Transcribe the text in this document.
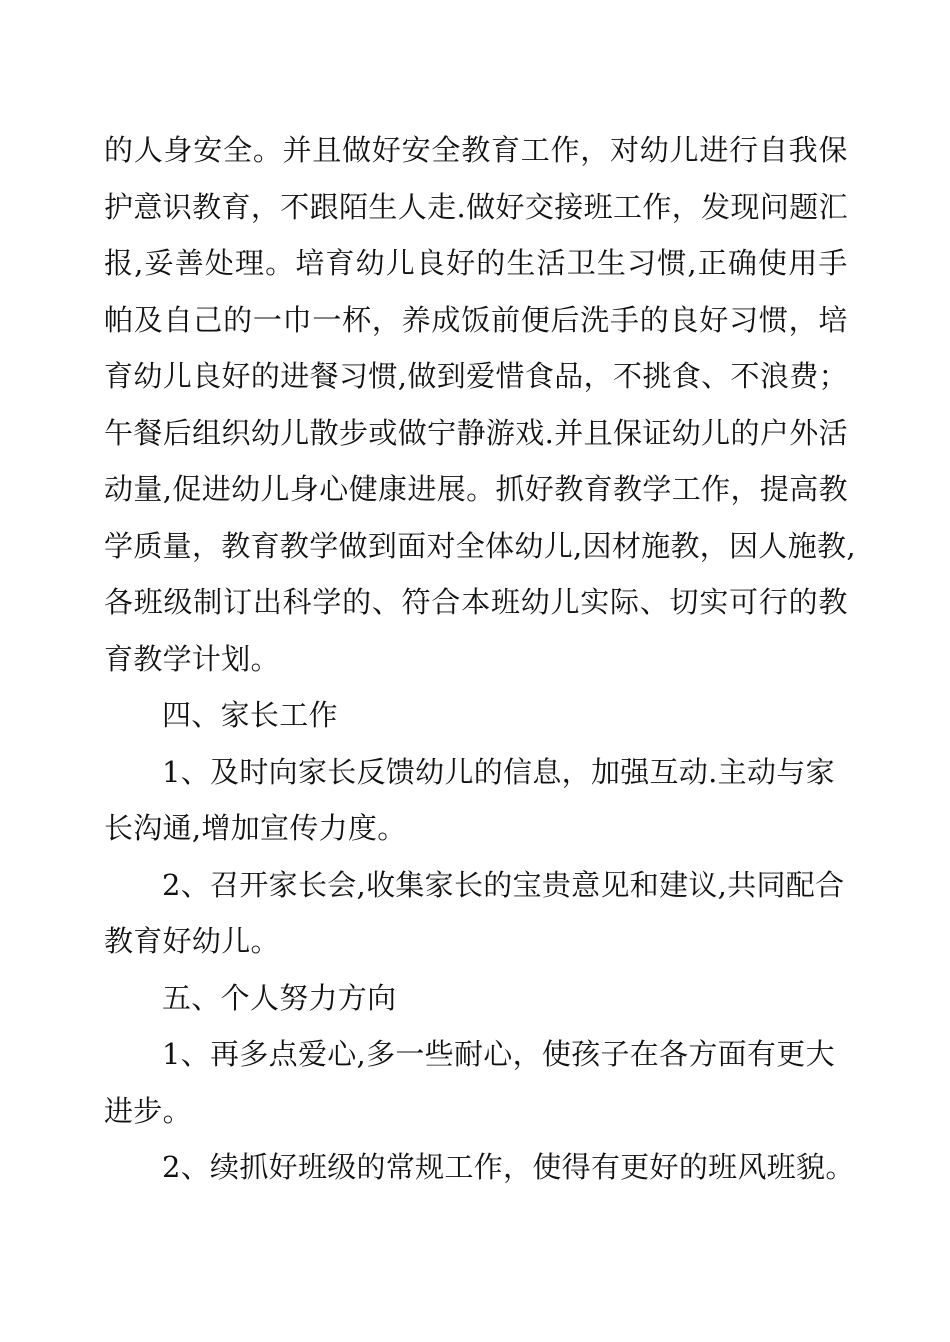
的 人 身 安 全 。 并 且 做 好 安 全 教 育 工 作 ， 对 幼 儿 进 行 自 我 保
护 意 识 教 育 ， 不 跟 陌 生 人 走 . 做 好 交 接 班 工 作 ， 发 现 问 题 汇
报 , 妥 善 处 理 。 培 育 幼 儿 良 好 的 生 活 卫 生 习 惯 , 正 确 使 用 手
帕 及 自 己 的 一 巾 一 杯 ， 养 成 饭 前 便 后 洗 手 的 良 好 习 惯 ， 培
育 幼 儿 良 好 的 进 餐 习 惯 , 做 到 爱 惜 食 品 ， 不 挑 食 、 不 浪 费 ；
午 餐 后 组 织 幼 儿 散 步 或 做 宁 静 游 戏 . 并 且 保 证 幼 儿 的 户 外 活
动 量 , 促 进 幼 儿 身 心 健 康 进 展 。 抓 好 教 育 教 学 工 作 ， 提 高 教
学 质 量 ， 教 育 教 学 做 到 面 对 全 体 幼 儿 , 因 材 施 教 ， 因 人 施 教 ,
各 班 级 制 订 出 科 学 的 、 符 合 本 班 幼 儿 实 际 、 切 实 可 行 的 教
育教学计划。
四、家长工作
1、及时向家长反馈幼儿的信息，加强互动.主动与家
长沟通,增加宣传力度。
2、召开家长会,收集家长的宝贵意见和建议,共同配合
教育好幼儿。
五、个人努力方向
1、再多点爱心,多一些耐心，使孩子在各方面有更大
进步。
2、续抓好班级的常规工作，使得有更好的班风班貌。
